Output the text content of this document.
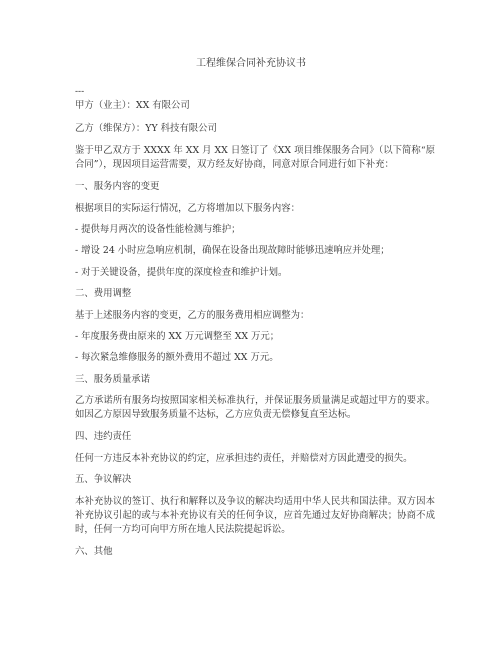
工程维保合同补充协议书

---

甲方（业主）：XX 有限公司

乙方（维保方）：YY 科技有限公司

鉴于甲乙双方于 XXXX 年 XX 月 XX 日签订了《XX 项目维保服务合同》（以下简称“原合同”），现因项目运营需要，双方经友好协商，同意对原合同进行如下补充：

一、服务内容的变更

根据项目的实际运行情况，乙方将增加以下服务内容：

- 提供每月两次的设备性能检测与维护；

- 增设 24 小时应急响应机制，确保在设备出现故障时能够迅速响应并处理；

- 对于关键设备，提供年度的深度检查和维护计划。

二、费用调整

基于上述服务内容的变更，乙方的服务费用相应调整为：

- 年度服务费由原来的 XX 万元调整至 XX 万元；

- 每次紧急维修服务的额外费用不超过 XX 万元。

三、服务质量承诺

乙方承诺所有服务均按照国家相关标准执行，并保证服务质量满足或超过甲方的要求。如因乙方原因导致服务质量不达标，乙方应负责无偿修复直至达标。

四、违约责任

任何一方违反本补充协议的约定，应承担违约责任，并赔偿对方因此遭受的损失。

五、争议解决

本补充协议的签订、执行和解释以及争议的解决均适用中华人民共和国法律。双方因本补充协议引起的或与本补充协议有关的任何争议，应首先通过友好协商解决；协商不成时，任何一方均可向甲方所在地人民法院提起诉讼。

六、其他
